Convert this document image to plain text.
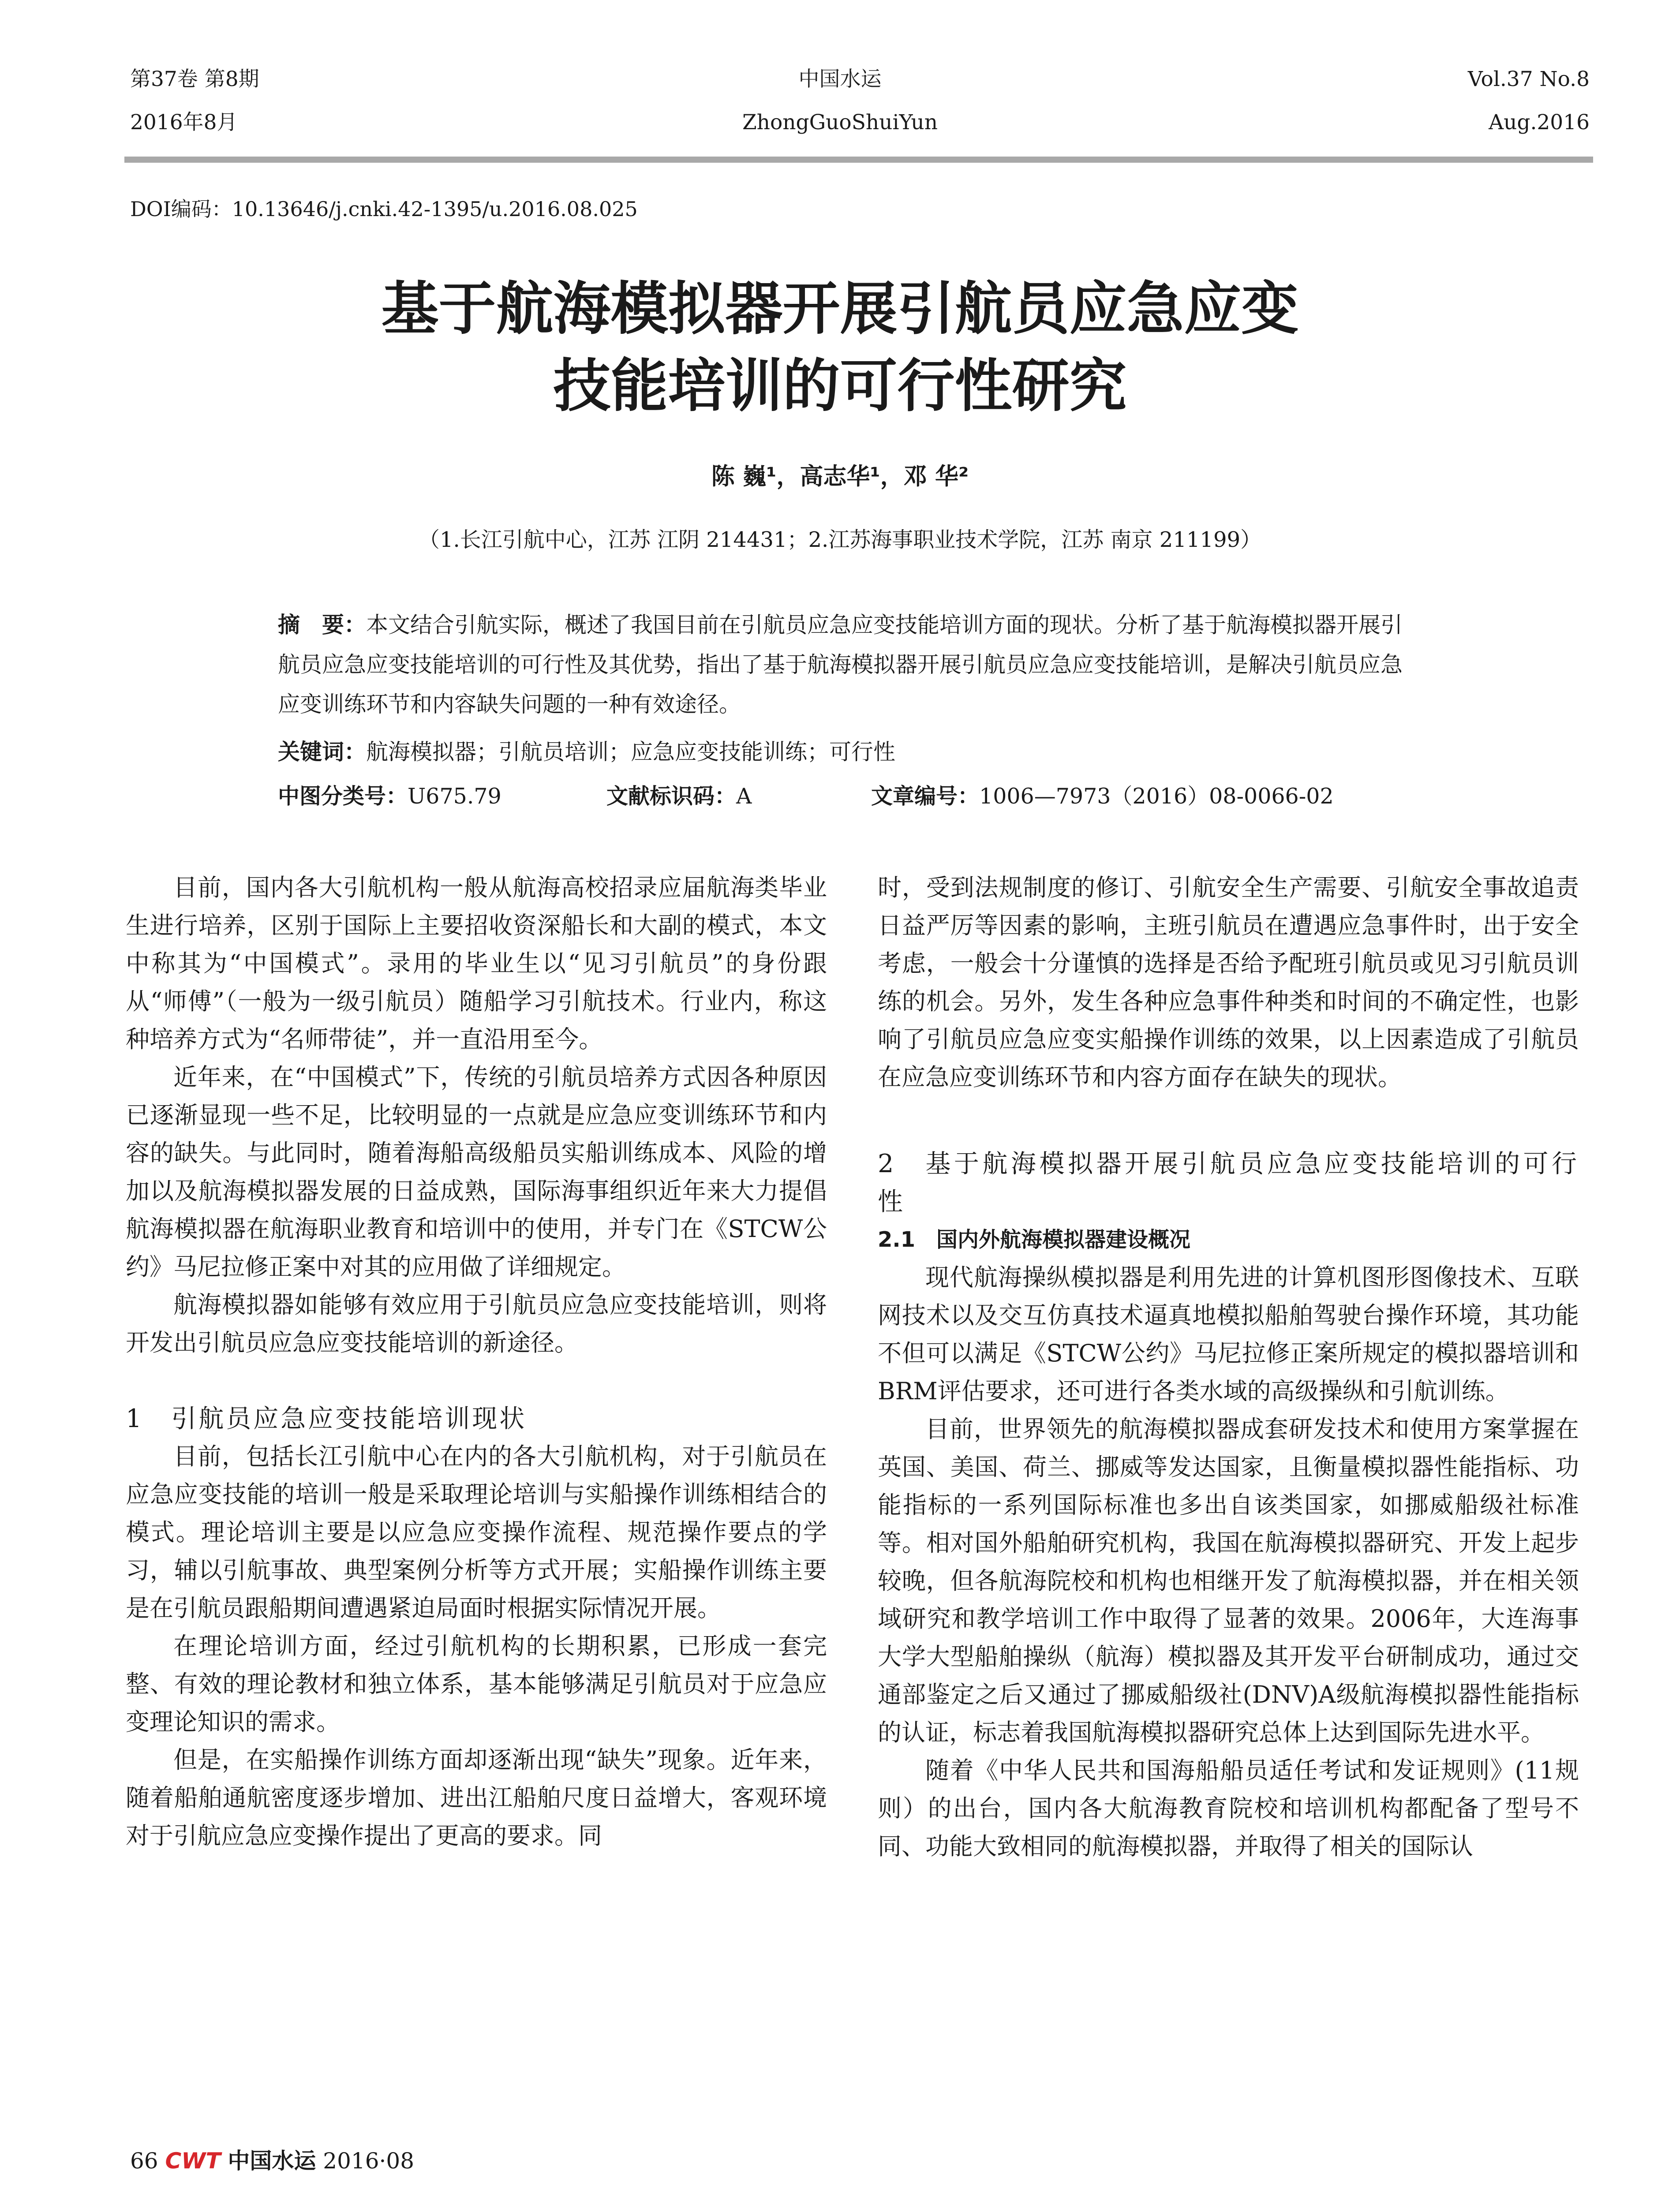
第37卷 第8期
2016年8月
中国水运
ZhongGuoShuiYun
Vol.37 No.8
Aug.2016
DOI编码：10.13646/j.cnki.42-1395/u.2016.08.025
基于航海模拟器开展引航员应急应变
技能培训的可行性研究
陈 巍¹，高志华¹，邓 华²
（1.长江引航中心，江苏 江阴 214431；2.江苏海事职业技术学院，江苏 南京 211199）
摘　要：本文结合引航实际，概述了我国目前在引航员应急应变技能培训方面的现状。分析了基于航海模拟器开展引航员应急应变技能培训的可行性及其优势，指出了基于航海模拟器开展引航员应急应变技能培训，是解决引航员应急应变训练环节和内容缺失问题的一种有效途径。
关键词：航海模拟器；引航员培训；应急应变技能训练；可行性
中图分类号：U675.79	文献标识码：A	文章编号：1006—7973（2016）08-0066-02

目前，国内各大引航机构一般从航海高校招录应届航海类毕业生进行培养，区别于国际上主要招收资深船长和大副的模式，本文中称其为“中国模式”。录用的毕业生以“见习引航员”的身份跟从“师傅”（一般为一级引航员）随船学习引航技术。行业内，称这种培养方式为“名师带徒”，并一直沿用至今。

近年来，在“中国模式”下，传统的引航员培养方式因各种原因已逐渐显现一些不足，比较明显的一点就是应急应变训练环节和内容的缺失。与此同时，随着海船高级船员实船训练成本、风险的增加以及航海模拟器发展的日益成熟，国际海事组织近年来大力提倡航海模拟器在航海职业教育和培训中的使用，并专门在《STCW公约》马尼拉修正案中对其的应用做了详细规定。

航海模拟器如能够有效应用于引航员应急应变技能培训，则将开发出引航员应急应变技能培训的新途径。

1　引航员应急应变技能培训现状

目前，包括长江引航中心在内的各大引航机构，对于引航员在应急应变技能的培训一般是采取理论培训与实船操作训练相结合的模式。理论培训主要是以应急应变操作流程、规范操作要点的学习，辅以引航事故、典型案例分析等方式开展；实船操作训练主要是在引航员跟船期间遭遇紧迫局面时根据实际情况开展。

在理论培训方面，经过引航机构的长期积累，已形成一套完整、有效的理论教材和独立体系，基本能够满足引航员对于应急应变理论知识的需求。

但是，在实船操作训练方面却逐渐出现“缺失”现象。近年来，随着船舶通航密度逐步增加、进出江船舶尺度日益增大，客观环境对于引航应急应变操作提出了更高的要求。同

时，受到法规制度的修订、引航安全生产需要、引航安全事故追责日益严厉等因素的影响，主班引航员在遭遇应急事件时，出于安全考虑，一般会十分谨慎的选择是否给予配班引航员或见习引航员训练的机会。另外，发生各种应急事件种类和时间的不确定性，也影响了引航员应急应变实船操作训练的效果，以上因素造成了引航员在应急应变训练环节和内容方面存在缺失的现状。

2　基于航海模拟器开展引航员应急应变技能培训的可行性

2.1　国内外航海模拟器建设概况

现代航海操纵模拟器是利用先进的计算机图形图像技术、互联网技术以及交互仿真技术逼真地模拟船舶驾驶台操作环境，其功能不但可以满足《STCW公约》马尼拉修正案所规定的模拟器培训和BRM评估要求，还可进行各类水域的高级操纵和引航训练。

目前，世界领先的航海模拟器成套研发技术和使用方案掌握在英国、美国、荷兰、挪威等发达国家，且衡量模拟器性能指标、功能指标的一系列国际标准也多出自该类国家，如挪威船级社标准等。相对国外船舶研究机构，我国在航海模拟器研究、开发上起步较晚，但各航海院校和机构也相继开发了航海模拟器，并在相关领域研究和教学培训工作中取得了显著的效果。2006年，大连海事大学大型船舶操纵（航海）模拟器及其开发平台研制成功，通过交通部鉴定之后又通过了挪威船级社(DNV)A级航海模拟器性能指标的认证，标志着我国航海模拟器研究总体上达到国际先进水平。

随着《中华人民共和国海船船员适任考试和发证规则》(11规则）的出台，国内各大航海教育院校和培训机构都配备了型号不同、功能大致相同的航海模拟器，并取得了相关的国际认

66 CWT 中国水运 2016·08
